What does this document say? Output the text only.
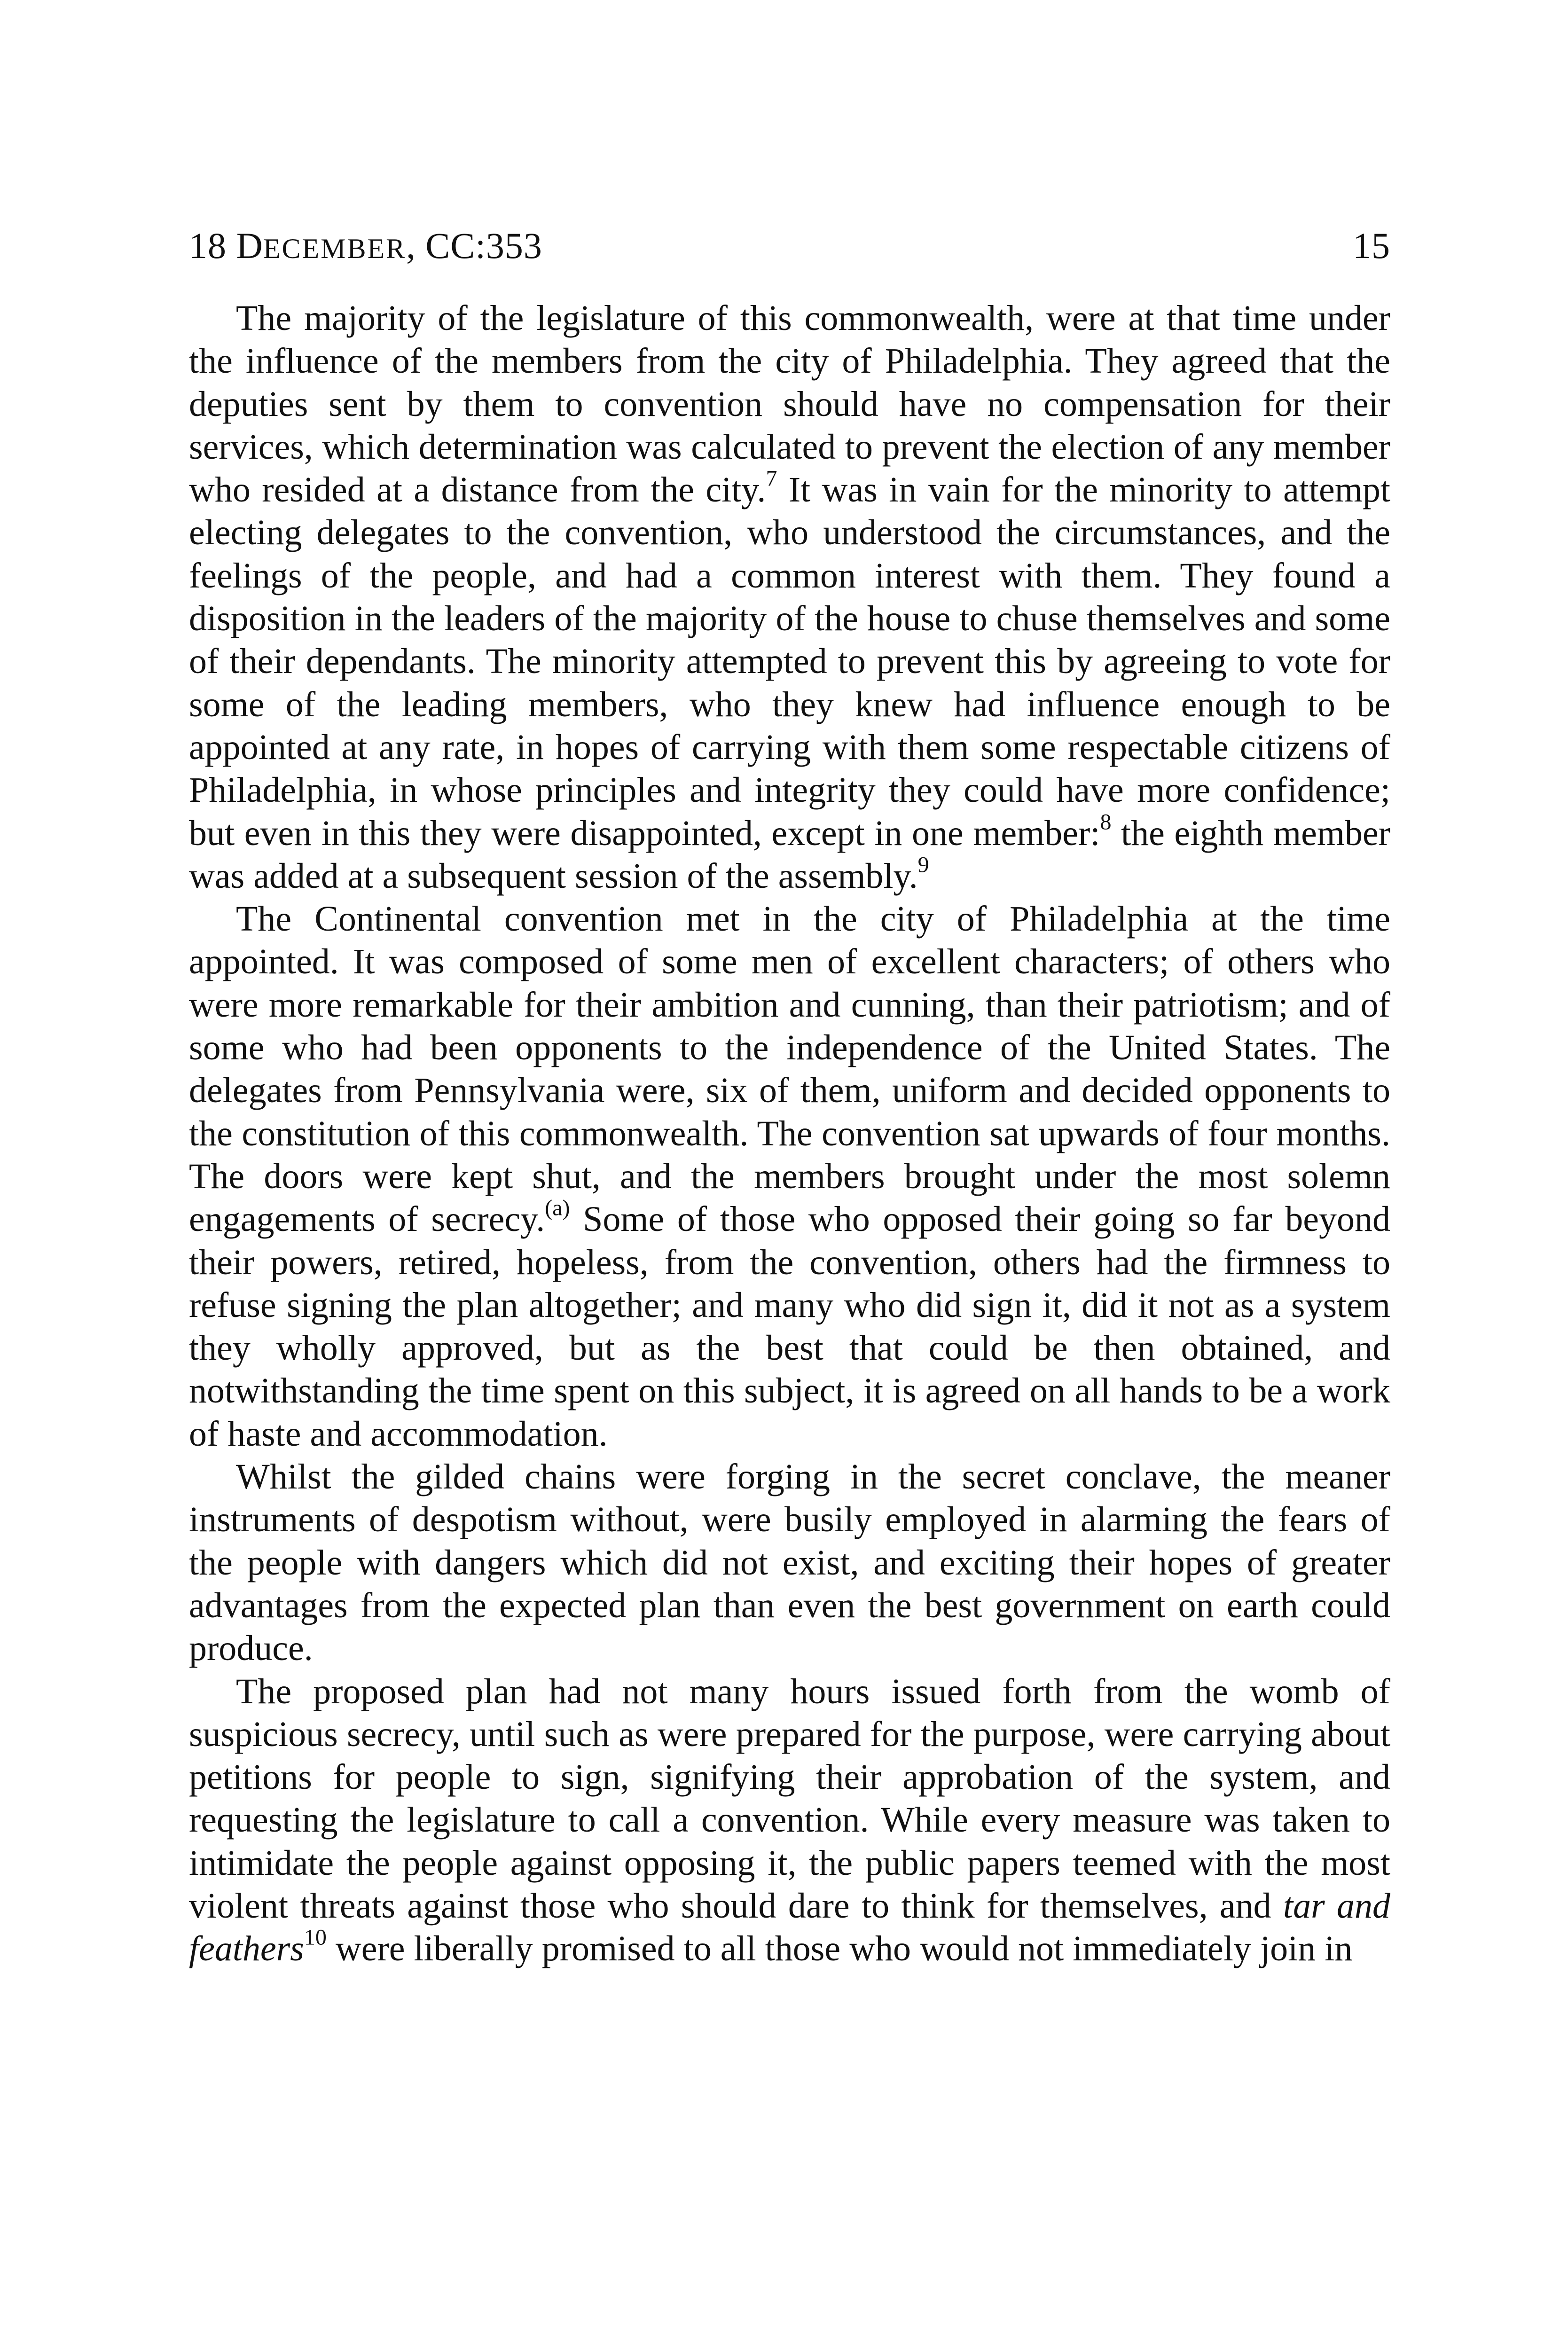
18 DECEMBER, CC:353	15

The majority of the legislature of this commonwealth, were at that time under the influence of the members from the city of Philadelphia. They agreed that the deputies sent by them to convention should have no compensation for their services, which determination was calculated to prevent the election of any member who resided at a distance from the city.$^7$ It was in vain for the minority to attempt electing delegates to the convention, who understood the circumstances, and the feelings of the people, and had a common interest with them. They found a disposition in the leaders of the majority of the house to chuse themselves and some of their dependants. The minority attempted to prevent this by agreeing to vote for some of the leading members, who they knew had influence enough to be appointed at any rate, in hopes of carrying with them some respectable citizens of Philadelphia, in whose principles and integrity they could have more confidence; but even in this they were disappointed, except in one member:$^8$ the eighth member was added at a subsequent session of the assembly.$^9$

The Continental convention met in the city of Philadelphia at the time appointed. It was composed of some men of excellent characters; of others who were more remarkable for their ambition and cunning, than their patriotism; and of some who had been opponents to the independence of the United States. The delegates from Pennsylvania were, six of them, uniform and decided opponents to the constitution of this commonwealth. The convention sat upwards of four months. The doors were kept shut, and the members brought under the most solemn engagements of secrecy.$^{(a)}$ Some of those who opposed their going so far beyond their powers, retired, hopeless, from the convention, others had the firmness to refuse signing the plan altogether; and many who did sign it, did it not as a system they wholly approved, but as the best that could be then obtained, and notwithstanding the time spent on this subject, it is agreed on all hands to be a work of haste and accommodation.

Whilst the gilded chains were forging in the secret conclave, the meaner instruments of despotism without, were busily employed in alarming the fears of the people with dangers which did not exist, and exciting their hopes of greater advantages from the expected plan than even the best government on earth could produce.

The proposed plan had not many hours issued forth from the womb of suspicious secrecy, until such as were prepared for the purpose, were carrying about petitions for people to sign, signifying their approbation of the system, and requesting the legislature to call a convention. While every measure was taken to intimidate the people against opposing it, the public papers teemed with the most violent threats against those who should dare to think for themselves, and tar and feathers$^{10}$ were liberally promised to all those who would not immediately join in
